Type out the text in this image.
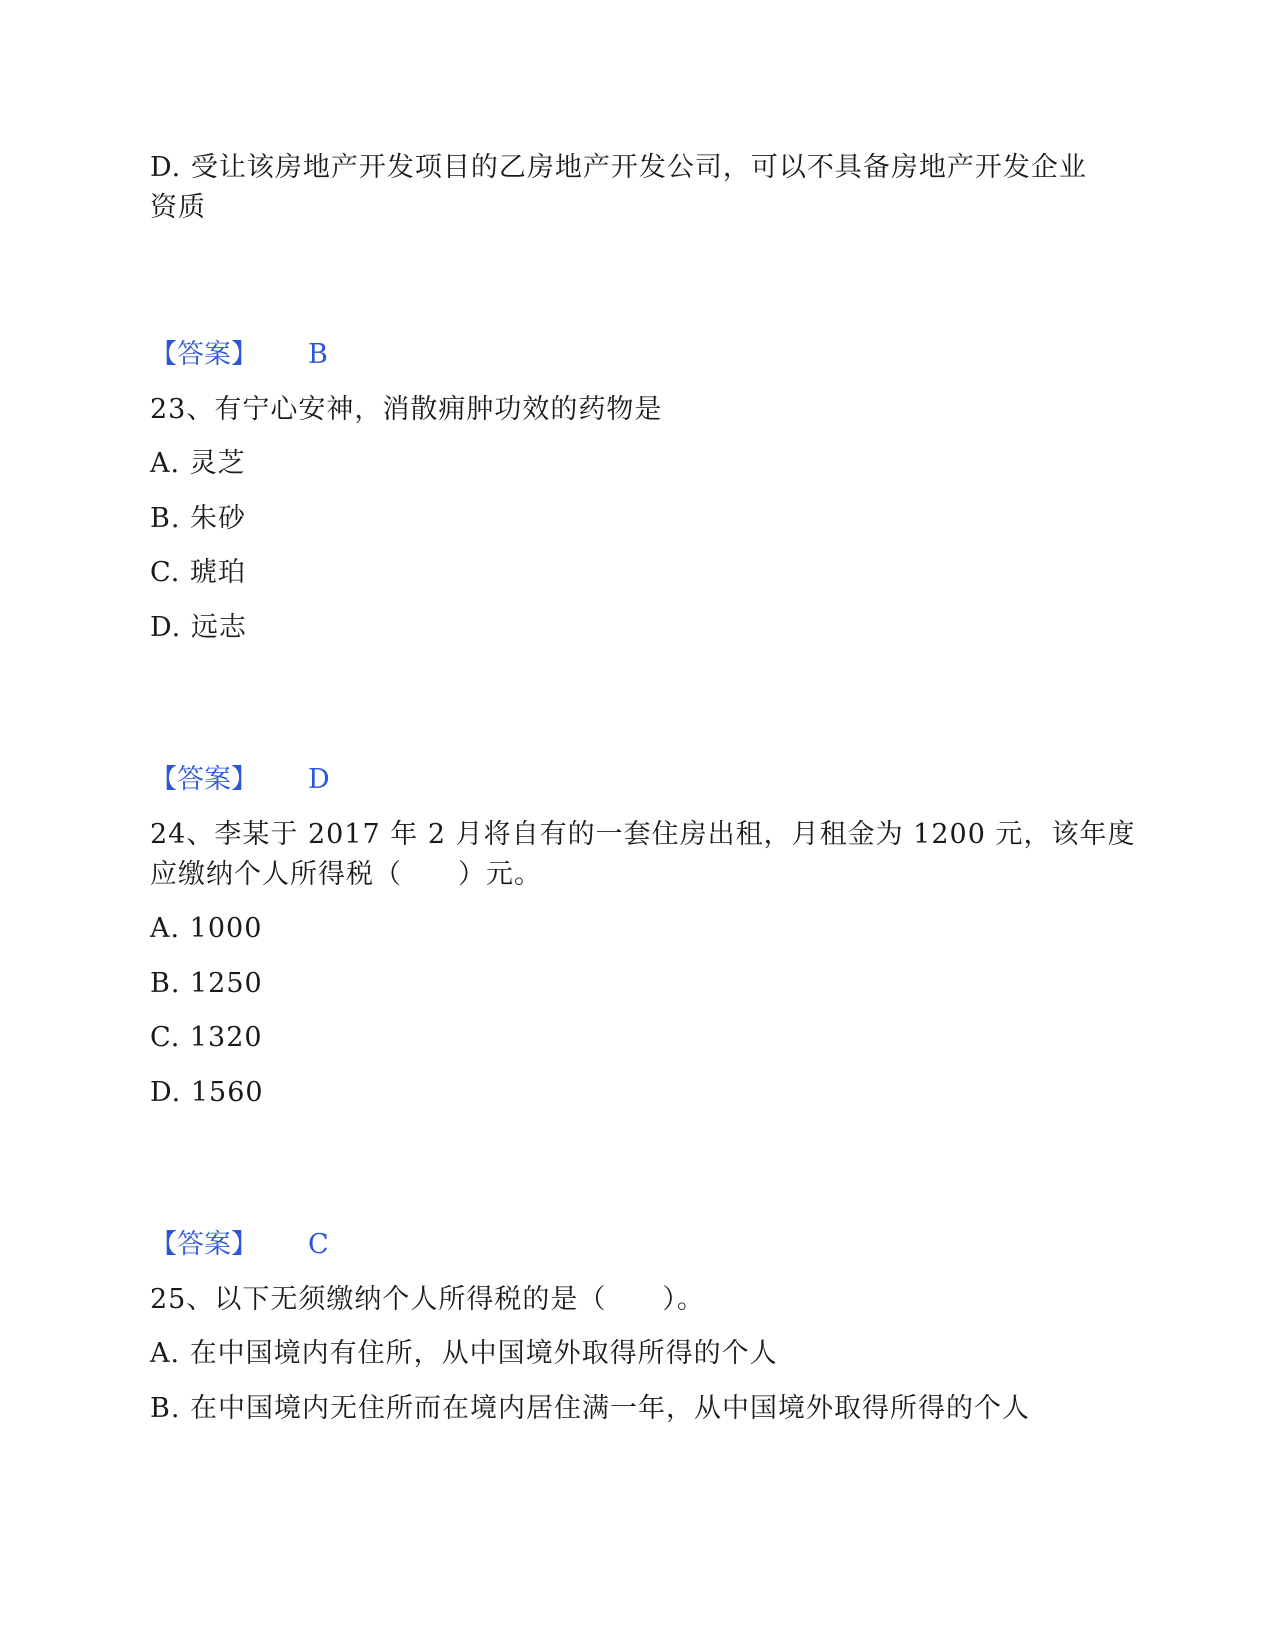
D. 受让该房地产开发项目的乙房地产开发公司，可以不具备房地产开发企业
资质
【答案】 B
23、有宁心安神，消散痈肿功效的药物是
A. 灵芝
B. 朱砂
C. 琥珀
D. 远志
【答案】 D
24、李某于 2017 年 2 月将自有的一套住房出租，月租金为 1200 元，该年度
应缴纳个人所得税（　　）元。
A. 1000
B. 1250
C. 1320
D. 1560
【答案】 C
25、以下无须缴纳个人所得税的是（　　）。
A. 在中国境内有住所，从中国境外取得所得的个人
B. 在中国境内无住所而在境内居住满一年，从中国境外取得所得的个人
